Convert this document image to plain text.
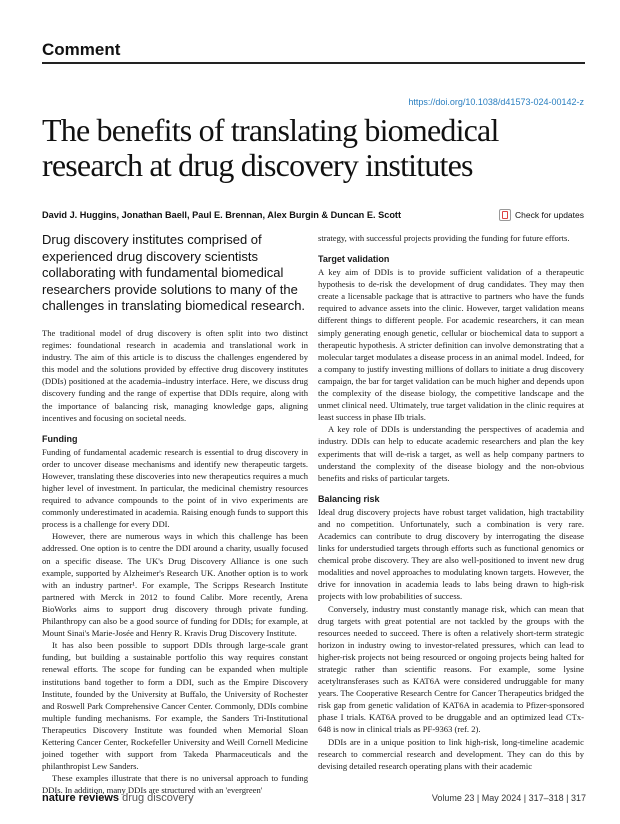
Comment
https://doi.org/10.1038/d41573-024-00142-z
The benefits of translating biomedical research at drug discovery institutes
David J. Huggins, Jonathan Baell, Paul E. Brennan, Alex Burgin & Duncan E. Scott	Check for updates
Drug discovery institutes comprised of experienced drug discovery scientists collaborating with fundamental biomedical researchers provide solutions to many of the challenges in translating biomedical research.

The traditional model of drug discovery is often split into two distinct regimes: foundational research in academia and translational work in industry. The aim of this article is to discuss the challenges engendered by this model and the solutions provided by effective drug discovery institutes (DDIs) positioned at the academia–industry interface. Here, we discuss drug discovery funding and the range of expertise that DDIs require, along with the importance of balancing risk, managing knowledge gaps, aligning incentives and focusing on societal needs.

Funding

Funding of fundamental academic research is essential to drug discovery in order to uncover disease mechanisms and identify new therapeutic targets. However, translating these discoveries into new therapeutics requires a much higher level of investment. In particular, the medicinal chemistry resources required to advance compounds to the point of in vivo experiments are commonly underestimated in academia. Raising enough funds to support this process is a challenge for every DDI.

However, there are numerous ways in which this challenge has been addressed. One option is to centre the DDI around a charity, usually focused on a specific disease. The UK's Drug Discovery Alliance is one such example, supported by Alzheimer's Research UK. Another option is to work with an industry partner¹. For example, The Scripps Research Institute partnered with Merck in 2012 to found Calibr. More recently, Arena BioWorks aims to support drug discovery through private funding. Philanthropy can also be a good source of funding for DDIs; for example, at Mount Sinai's Marie-Josée and Henry R. Kravis Drug Discovery Institute.

It has also been possible to support DDIs through large-scale grant funding, but building a sustainable portfolio this way requires constant renewal efforts. The scope for funding can be expanded when multiple institutions band together to form a DDI, such as the Empire Discovery Institute, founded by the University at Buffalo, the University of Rochester and Roswell Park Comprehensive Cancer Center. Commonly, DDIs combine multiple funding mechanisms. For example, the Sanders Tri-Institutional Therapeutics Discovery Institute was founded when Memorial Sloan Kettering Cancer Center, Rockefeller University and Weill Cornell Medicine joined together with support from Takeda Pharmaceuticals and the philanthropist Lew Sanders.

These examples illustrate that there is no universal approach to funding DDIs. In addition, many DDIs are structured with an 'evergreen'

strategy, with successful projects providing the funding for future efforts.

Target validation

A key aim of DDIs is to provide sufficient validation of a therapeutic hypothesis to de-risk the development of drug candidates. They may then create a licensable package that is attractive to partners who have the funds required to advance assets into the clinic. However, target validation means different things to different people. For academic researchers, it can mean simply generating enough genetic, cellular or biochemical data to support a therapeutic hypothesis. A stricter definition can involve demonstrating that a molecular target modulates a disease process in an animal model. Indeed, for a company to justify investing millions of dollars to initiate a drug discovery campaign, the bar for target validation can be much higher and depends upon the complexity of the disease biology, the competitive landscape and the unmet clinical need. Ultimately, true target validation in the clinic requires at least success in phase IIb trials.

A key role of DDIs is understanding the perspectives of academia and industry. DDIs can help to educate academic researchers and plan the key experiments that will de-risk a target, as well as help company partners to understand the complexity of the disease biology and the non-obvious benefits and risks of particular targets.

Balancing risk

Ideal drug discovery projects have robust target validation, high tractability and no competition. Unfortunately, such a combination is very rare. Academics can contribute to drug discovery by interrogating the disease links for understudied targets through efforts such as functional genomics or chemical probe discovery. They are also well-positioned to invent new drug modalities and novel approaches to modulating known targets. However, the drive for innovation in academia leads to labs being drawn to high-risk projects with low probabilities of success.

Conversely, industry must constantly manage risk, which can mean that drug targets with great potential are not tackled by the groups with the resources needed to succeed. There is often a relatively short-term strategic horizon in industry owing to investor-related pressures, which can lead to higher-risk projects not being resourced or ongoing projects being halted for strategic rather than scientific reasons. For example, some lysine acetyltransferases such as KAT6A were considered undruggable for many years. The Cooperative Research Centre for Cancer Therapeutics bridged the risk gap from genetic validation of KAT6A in academia to Pfizer-sponsored phase I trials. KAT6A proved to be druggable and an optimized lead CTx-648 is now in clinical trials as PF-9363 (ref. 2).

DDIs are in a unique position to link high-risk, long-timeline academic research to commercial research and development. They can do this by devising detailed research operating plans with their academic

nature reviews drug discovery	Volume 23 | May 2024 | 317–318 | 317
